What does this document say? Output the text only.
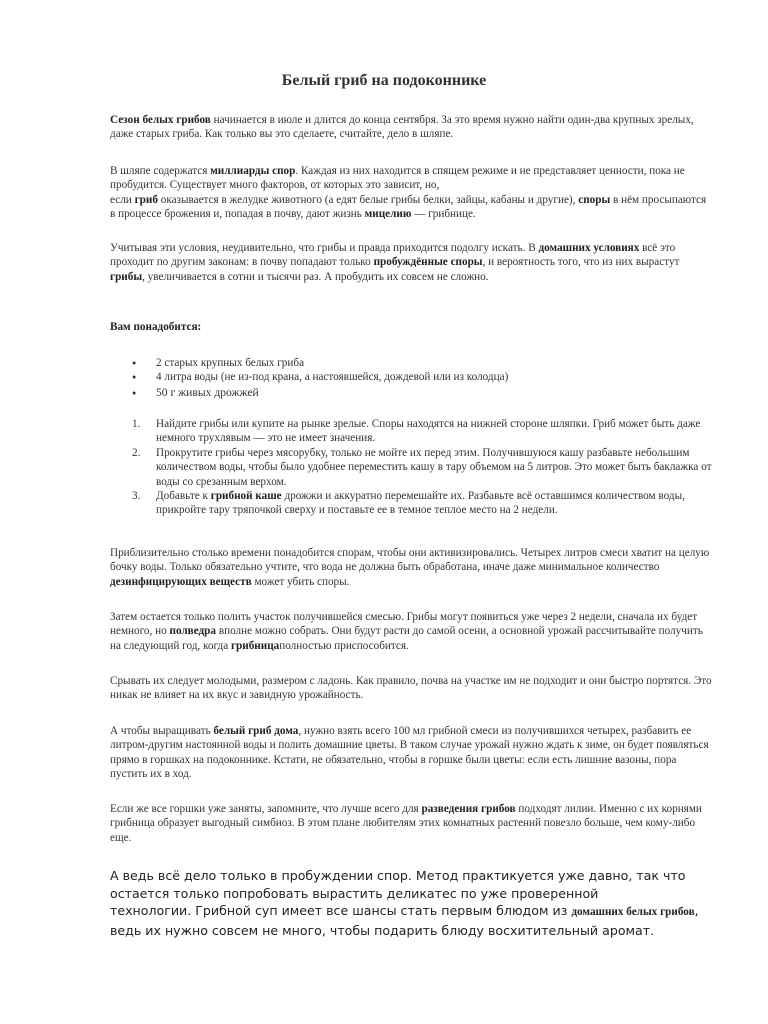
Белый гриб на подоконнике

Сезон белых грибов начинается в июле и длится до конца сентября. За это время нужно найти один-два крупных зрелых, даже старых гриба. Как только вы это сделаете, считайте, дело в шляпе.

В шляпе содержатся миллиарды спор. Каждая из них находится в спящем режиме и не представляет ценности, пока не пробудится. Существует много факторов, от которых это зависит, но,
если гриб оказывается в желудке животного (а едят белые грибы белки, зайцы, кабаны и другие), споры в нём просыпаются в процессе брожения и, попадая в почву, дают жизнь мицелию — грибнице.

Учитывая эти условия, неудивительно, что грибы и правда приходится подолгу искать. В домашних условиях всё это проходит по другим законам: в почву попадают только пробуждённые споры, и вероятность того, что из них вырастут грибы, увеличивается в сотни и тысячи раз. А пробудить их совсем не сложно.

Вам понадобится:

● 2 старых крупных белых гриба
● 4 литра воды (не из-под крана, а настоявшейся, дождевой или из колодца)
● 50 г живых дрожжей
1. Найдите грибы или купите на рынке зрелые. Споры находятся на нижней стороне шляпки. Гриб может быть даже немного трухлявым — это не имеет значения.
2. Прокрутите грибы через мясорубку, только не мойте их перед этим. Получившуюся кашу разбавьте небольшим количеством воды, чтобы было удобнее переместить кашу в тару объемом на 5 литров. Это может быть баклажка от воды со срезанным верхом.
3. Добавьте к грибной каше дрожжи и аккуратно перемешайте их. Разбавьте всё оставшимся количеством воды, прикройте тару тряпочкой сверху и поставьте ее в темное теплое место на 2 недели.

Приблизительно столько времени понадобится спорам, чтобы они активизировались. Четырех литров смеси хватит на целую бочку воды. Только обязательно учтите, что вода не должна быть обработана, иначе даже минимальное количество дезинфицирующих веществ может убить споры.

Затем остается только полить участок получившейся смесью. Грибы могут появиться уже через 2 недели, сначала их будет немного, но полведра вполне можно собрать. Они будут расти до самой осени, а основной урожай рассчитывайте получить на следующий год, когда грибницаполностью приспособится.

Срывать их следует молодыми, размером с ладонь. Как правило, почва на участке им не подходит и они быстро портятся. Это никак не влияет на их вкус и завидную урожайность.

А чтобы выращивать белый гриб дома, нужно взять всего 100 мл грибной смеси из получившихся четырех, разбавить ее литром-другим настоянной воды и полить домашние цветы. В таком случае урожай нужно ждать к зиме, он будет появляться прямо в горшках на подоконнике. Кстати, не обязательно, чтобы в горшке были цветы: если есть лишние вазоны, пора пустить их в ход.

Если же все горшки уже заняты, запомните, что лучше всего для разведения грибов подходят лилии. Именно с их корнями грибница образует выгодный симбиоз. В этом плане любителям этих комнатных растений повезло больше, чем кому-либо еще.

А ведь всё дело только в пробуждении спор. Метод практикуется уже давно, так что остается только попробовать вырастить деликатес по уже проверенной
технологии. Грибной суп имеет все шансы стать первым блюдом из домашних белых грибов, ведь их нужно совсем не много, чтобы подарить блюду восхитительный аромат.
